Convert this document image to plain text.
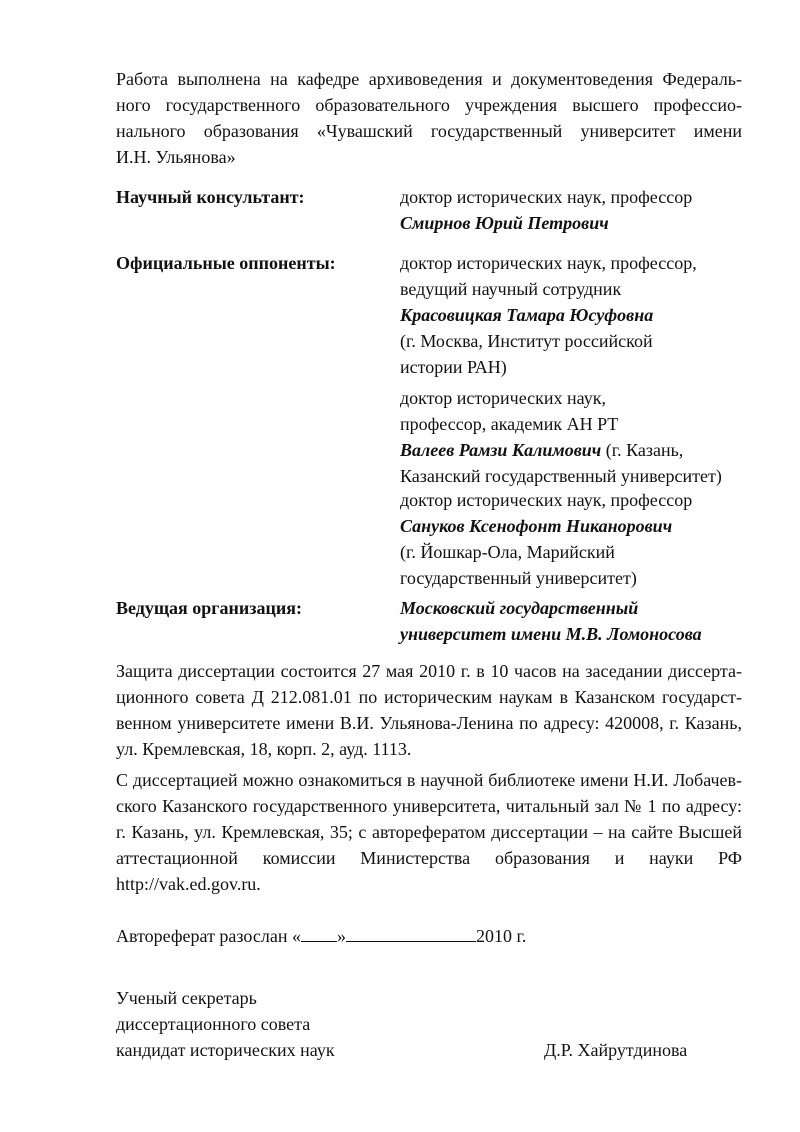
Работа выполнена на кафедре архивоведения и документоведения Федераль-
ного государственного образовательного учреждения высшего профессио-
нального образования «Чувашский государственный университет имени
И.Н. Ульянова»
Научный консультант:	доктор исторических наук, профессор
Смирнов Юрий Петрович
Официальные оппоненты:	доктор исторических наук, профессор,
ведущий научный сотрудник
Красовицкая Тамара Юсуфовна
(г. Москва, Институт российской
истории РАН)
доктор исторических наук,
профессор, академик АН РТ
Валеев Рамзи Калимович (г. Казань,
Казанский государственный университет)
доктор исторических наук, профессор
Сануков Ксенофонт Никанорович
(г. Йошкар-Ола, Марийский
государственный университет)
Ведущая организация:	Московский государственный
университет имени М.В. Ломоносова
Защита диссертации состоится 27 мая 2010 г. в 10 часов на заседании диссерта-
ционного совета Д 212.081.01 по историческим наукам в Казанском государст-
венном университете имени В.И. Ульянова-Ленина по адресу: 420008, г. Казань,
ул. Кремлевская, 18, корп. 2, ауд. 1113.
С диссертацией можно ознакомиться в научной библиотеке имени Н.И. Лобачев-
ского Казанского государственного университета, читальный зал № 1 по адресу:
г. Казань, ул. Кремлевская, 35; с авторефератом диссертации – на сайте Высшей
аттестационной комиссии Министерства образования и науки РФ
http://vak.ed.gov.ru.
Автореферат разослан « »	2010 г.
Ученый секретарь
диссертационного совета
кандидат исторических наук	Д.Р. Хайрутдинова
